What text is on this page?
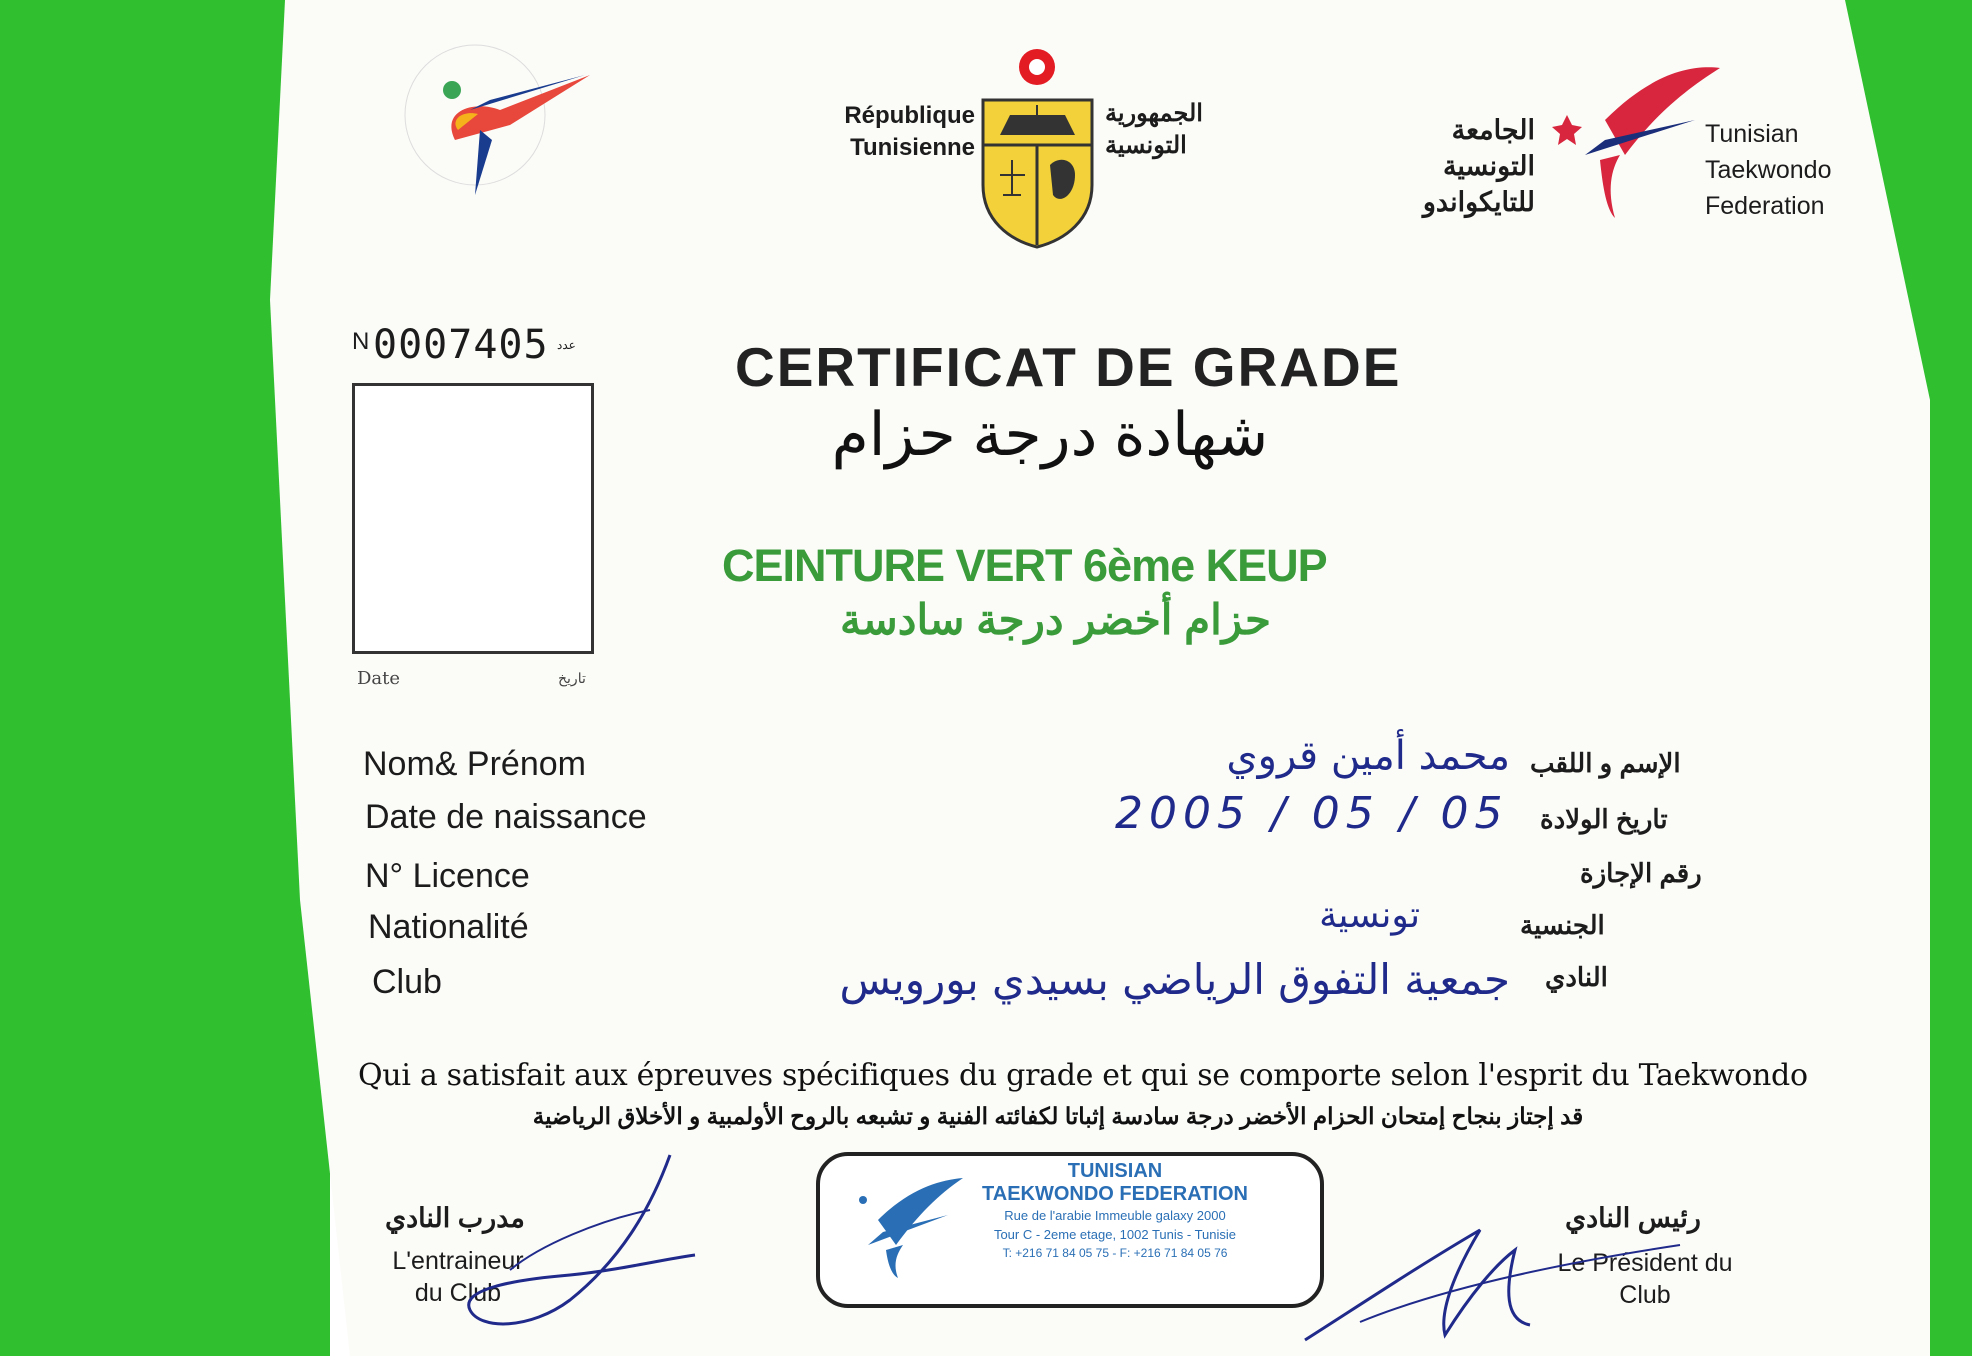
République
Tunisienne
الجمهورية
التونسية
الجامعة
التونسية
للتايكواندو
Tunisian
Taekwondo
Federation
N 0007405 عدد
Date	تاريخ
CERTIFICAT DE GRADE
شهادة درجة حزام
CEINTURE VERT 6ème KEUP
حزام أخضر درجة سادسة
Nom& Prénom	الإسم و اللقب
محمد أمين قروي
Date de naissance	تاريخ الولادة
2005 / 05 / 05
N° Licence	رقم الإجازة
Nationalité	الجنسية
تونسية
Club	النادي
جمعية التفوق الرياضي بسيدي بورويس
Qui a satisfait aux épreuves spécifiques du grade et qui se comporte selon l'esprit du Taekwondo
قد إجتاز بنجاح إمتحان الحزام الأخضر درجة سادسة إثباتا لكفائته الفنية و تشبعه بالروح الأولمبية و الأخلاق الرياضية
مدرب النادي
L'entraineur
du Club
TUNISIAN
TAEKWONDO FEDERATION
Rue de l'arabie Immeuble galaxy 2000
Tour C - 2eme etage, 1002 Tunis - Tunisie
T: +216 71 84 05 75 - F: +216 71 84 05 76
رئيس النادي
Le Président du
Club
